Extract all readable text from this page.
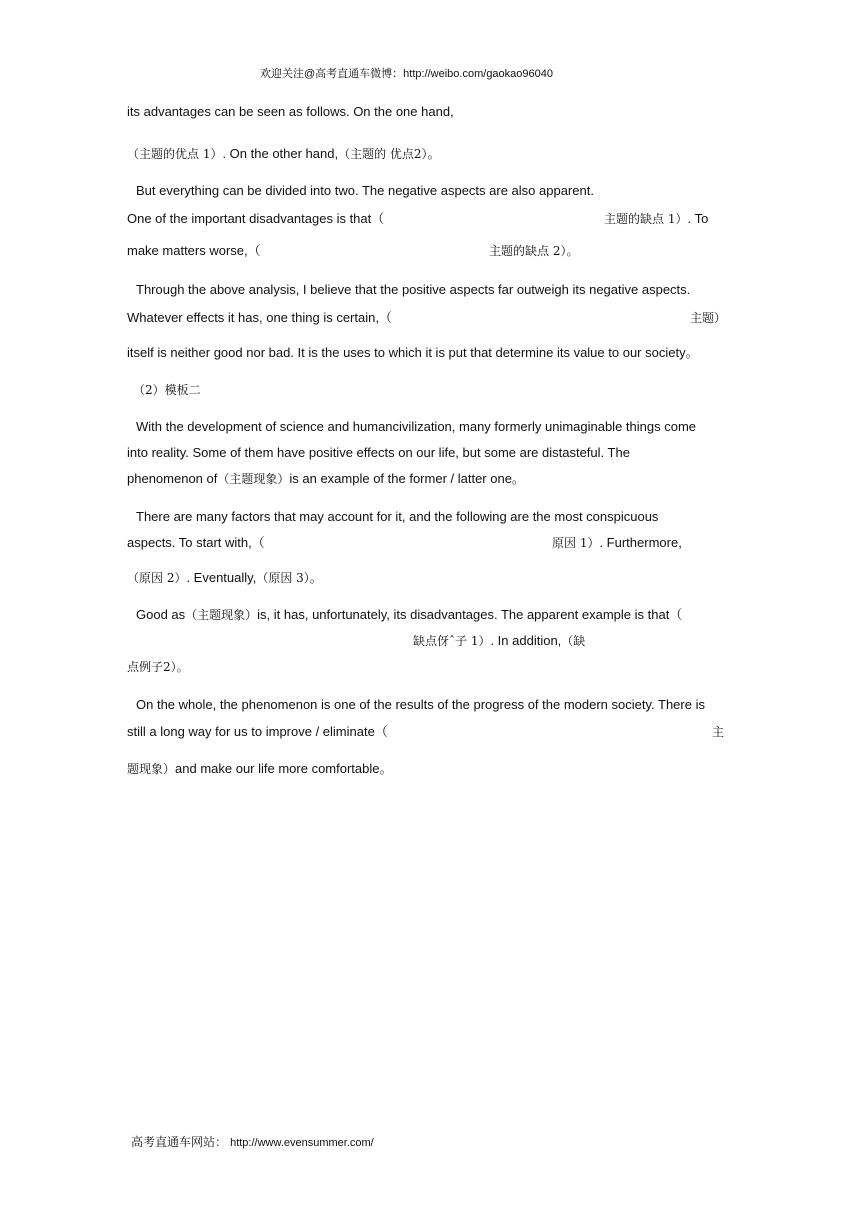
欢迎关注@高考直通车微博：http://weibo.com/gaokao96040
its advantages can be seen as follows. On the one hand,
（主题的优点 1）. On the other hand,（主题的 优点2）。
But everything can be divided into two. The negative aspects are also apparent.
One of the important disadvantages is that（	主题的缺点 1）. To
make matters worse,（	主题的缺点 2）。
Through the above analysis, I believe that the positive aspects far outweigh its negative aspects.
Whatever effects it has, one thing is certain,（	主题）
itself is neither good nor bad. It is the uses to which it is put that determine its value to our society。
（2）模板二
With the development of science and humancivilization, many formerly unimaginable things come
into reality. Some of them have positive effects on our life, but some are distasteful. The
phenomenon of（主题现象）is an example of the former / latter one。
There are many factors that may account for it, and the following are the most conspicuous
aspects. To start with,（	原因 1）. Furthermore,
（原因 2）. Eventually,（原因 3）。
Good as（主题现象）is, it has, unfortunately, its disadvantages. The apparent example is that（
缺点伢ˆ子 1）. In addition,（缺
点例子2）。
On the whole, the phenomenon is one of the results of the progress of the modern society. There is
still a long way for us to improve / eliminate（	主
题现象）and make our life more comfortable。
高考直通车网站： http://www.evensummer.com/
